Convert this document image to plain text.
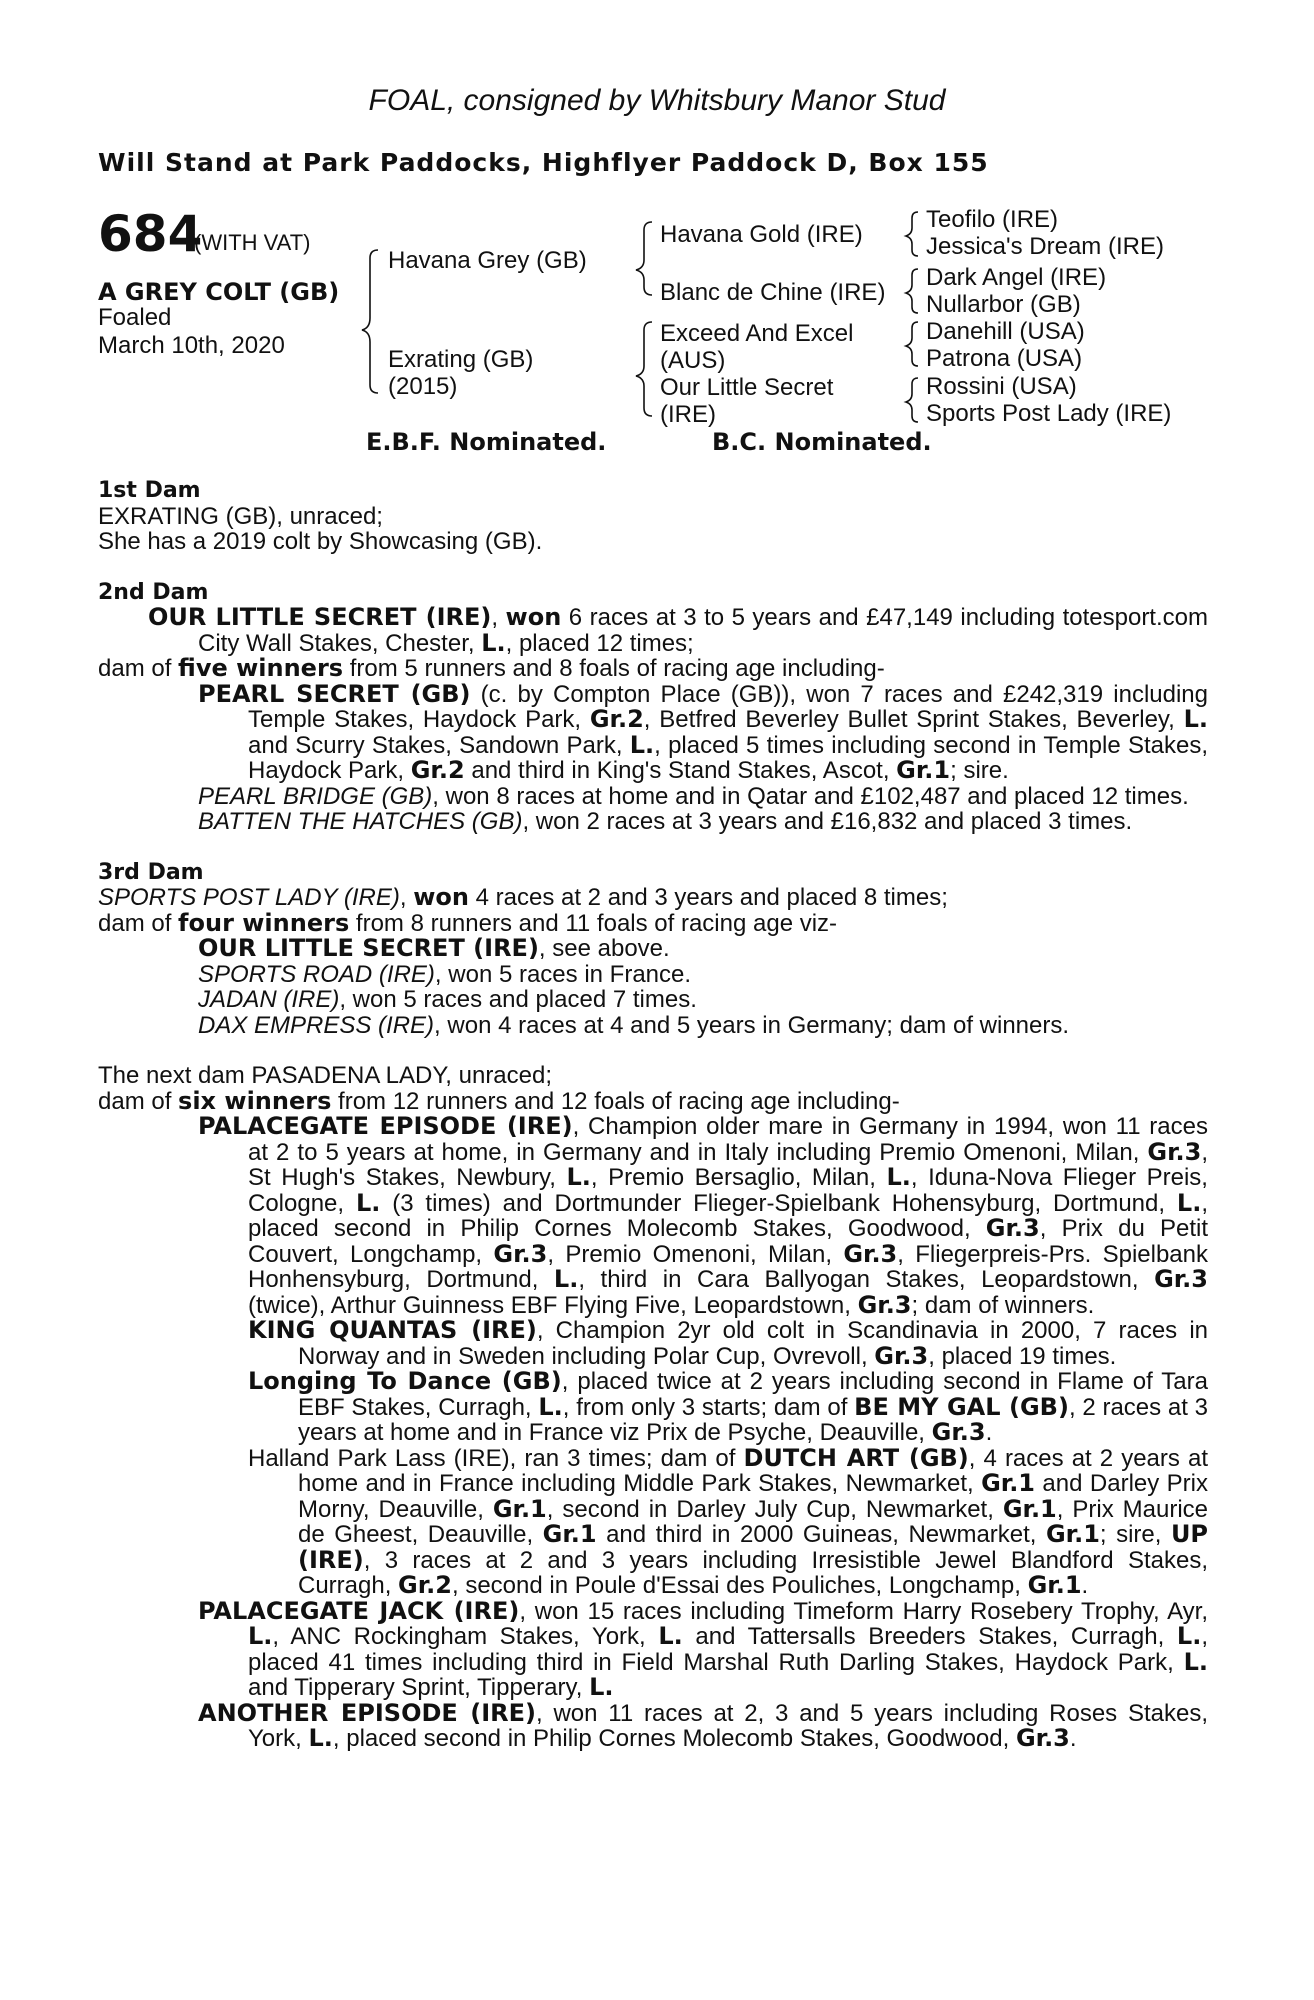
FOAL, consigned by Whitsbury Manor Stud
Will Stand at Park Paddocks, Highflyer Paddock D, Box 155
684
(WITH VAT)
A GREY COLT (GB)
Foaled
March 10th, 2020
Havana Grey (GB)
Exrating (GB)
(2015)
Havana Gold (IRE)
Blanc de Chine (IRE)
Exceed And Excel
(AUS)
Our Little Secret
(IRE)
Teofilo (IRE)
Jessica's Dream (IRE)
Dark Angel (IRE)
Nullarbor (GB)
Danehill (USA)
Patrona (USA)
Rossini (USA)
Sports Post Lady (IRE)
E.B.F. Nominated.	B.C. Nominated.
1st Dam
EXRATING (GB), unraced;
She has a 2019 colt by Showcasing (GB).
2nd Dam
OUR LITTLE SECRET (IRE), won 6 races at 3 to 5 years and £47,149 including totesport.com City Wall Stakes, Chester, L., placed 12 times;
dam of five winners from 5 runners and 8 foals of racing age including-
PEARL SECRET (GB) (c. by Compton Place (GB)), won 7 races and £242,319 including Temple Stakes, Haydock Park, Gr.2, Betfred Beverley Bullet Sprint Stakes, Beverley, L. and Scurry Stakes, Sandown Park, L., placed 5 times including second in Temple Stakes, Haydock Park, Gr.2 and third in King's Stand Stakes, Ascot, Gr.1; sire.
PEARL BRIDGE (GB), won 8 races at home and in Qatar and £102,487 and placed 12 times.
BATTEN THE HATCHES (GB), won 2 races at 3 years and £16,832 and placed 3 times.
3rd Dam
SPORTS POST LADY (IRE), won 4 races at 2 and 3 years and placed 8 times;
dam of four winners from 8 runners and 11 foals of racing age viz-
OUR LITTLE SECRET (IRE), see above.
SPORTS ROAD (IRE), won 5 races in France.
JADAN (IRE), won 5 races and placed 7 times.
DAX EMPRESS (IRE), won 4 races at 4 and 5 years in Germany; dam of winners.
The next dam PASADENA LADY, unraced;
dam of six winners from 12 runners and 12 foals of racing age including-
PALACEGATE EPISODE (IRE), Champion older mare in Germany in 1994, won 11 races at 2 to 5 years at home, in Germany and in Italy including Premio Omenoni, Milan, Gr.3, St Hugh's Stakes, Newbury, L., Premio Bersaglio, Milan, L., Iduna-Nova Flieger Preis, Cologne, L. (3 times) and Dortmunder Flieger-Spielbank Hohensyburg, Dortmund, L., placed second in Philip Cornes Molecomb Stakes, Goodwood, Gr.3, Prix du Petit Couvert, Longchamp, Gr.3, Premio Omenoni, Milan, Gr.3, Fliegerpreis-Prs. Spielbank Honhensyburg, Dortmund, L., third in Cara Ballyogan Stakes, Leopardstown, Gr.3 (twice), Arthur Guinness EBF Flying Five, Leopardstown, Gr.3; dam of winners.
KING QUANTAS (IRE), Champion 2yr old colt in Scandinavia in 2000, 7 races in Norway and in Sweden including Polar Cup, Ovrevoll, Gr.3, placed 19 times.
Longing To Dance (GB), placed twice at 2 years including second in Flame of Tara EBF Stakes, Curragh, L., from only 3 starts; dam of BE MY GAL (GB), 2 races at 3 years at home and in France viz Prix de Psyche, Deauville, Gr.3.
Halland Park Lass (IRE), ran 3 times; dam of DUTCH ART (GB), 4 races at 2 years at home and in France including Middle Park Stakes, Newmarket, Gr.1 and Darley Prix Morny, Deauville, Gr.1, second in Darley July Cup, Newmarket, Gr.1, Prix Maurice de Gheest, Deauville, Gr.1 and third in 2000 Guineas, Newmarket, Gr.1; sire, UP (IRE), 3 races at 2 and 3 years including Irresistible Jewel Blandford Stakes, Curragh, Gr.2, second in Poule d'Essai des Pouliches, Longchamp, Gr.1.
PALACEGATE JACK (IRE), won 15 races including Timeform Harry Rosebery Trophy, Ayr, L., ANC Rockingham Stakes, York, L. and Tattersalls Breeders Stakes, Curragh, L., placed 41 times including third in Field Marshal Ruth Darling Stakes, Haydock Park, L. and Tipperary Sprint, Tipperary, L.
ANOTHER EPISODE (IRE), won 11 races at 2, 3 and 5 years including Roses Stakes, York, L., placed second in Philip Cornes Molecomb Stakes, Goodwood, Gr.3.
